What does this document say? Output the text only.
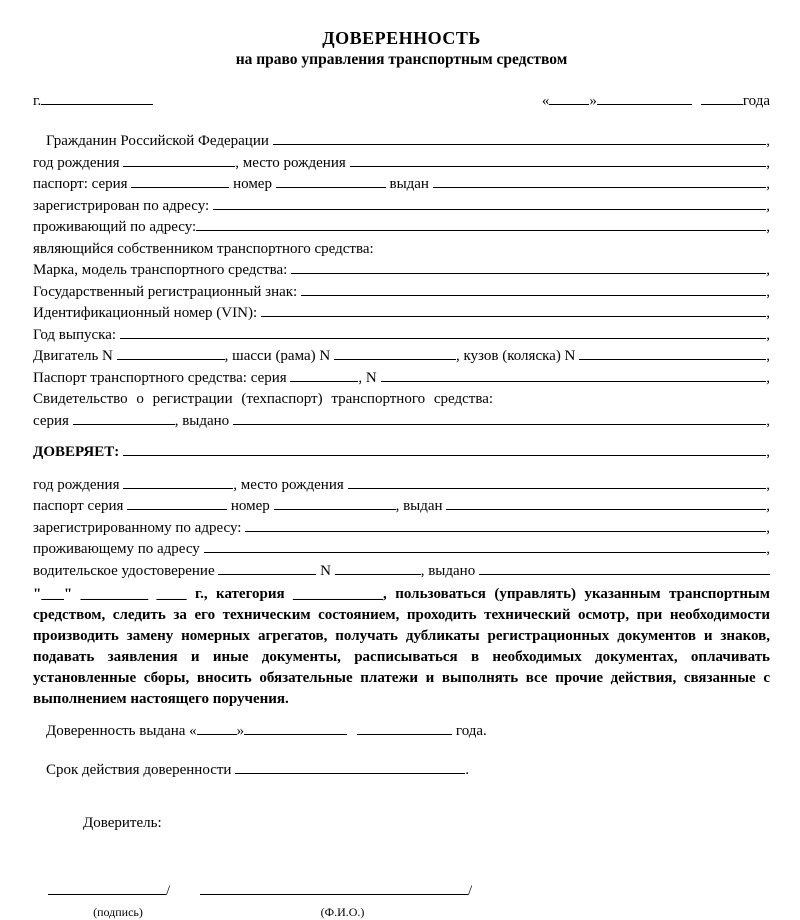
ДОВЕРЕННОСТЬ
на право управления транспортным средством
г.	«	»	года
Гражданин Российской Федерации	,
год рождения	, место рождения	,
паспорт: серия	номер	выдан	,
зарегистрирован по адресу:	,
проживающий по адресу:	,
являющийся собственником транспортного средства:
Марка, модель транспортного средства:	,
Государственный регистрационный знак:	,
Идентификационный номер (VIN):	,
Год выпуска:	,
Двигатель N	, шасси (рама) N	, кузов (коляска) N	,
Паспорт транспортного средства: серия	, N	,
Свидетельство о регистрации (техпаспорт) транспортного средства:
серия	, выдано	,
ДОВЕРЯЕТ:	,
год рождения	, место рождения	,
паспорт серия	номер	, выдан	,
зарегистрированному по адресу:	,
проживающему по адресу	,
водительское удостоверение	N	, выдано

"___" _________ ____ г., категория ____________, пользоваться (управлять) указанным транспортным средством, следить за его техническим состоянием, проходить технический осмотр, при необходимости производить замену номерных агрегатов, получать дубликаты регистрационных документов и знаков, подавать заявления и иные документы, расписываться в необходимых документах, оплачивать установленные сборы, вносить обязательные платежи и выполнять все прочие действия, связанные с выполнением настоящего поручения.

Доверенность выдана «	»	года.
Срок действия доверенности	.
Доверитель:
/
(подпись)
/
(Ф.И.О.)
